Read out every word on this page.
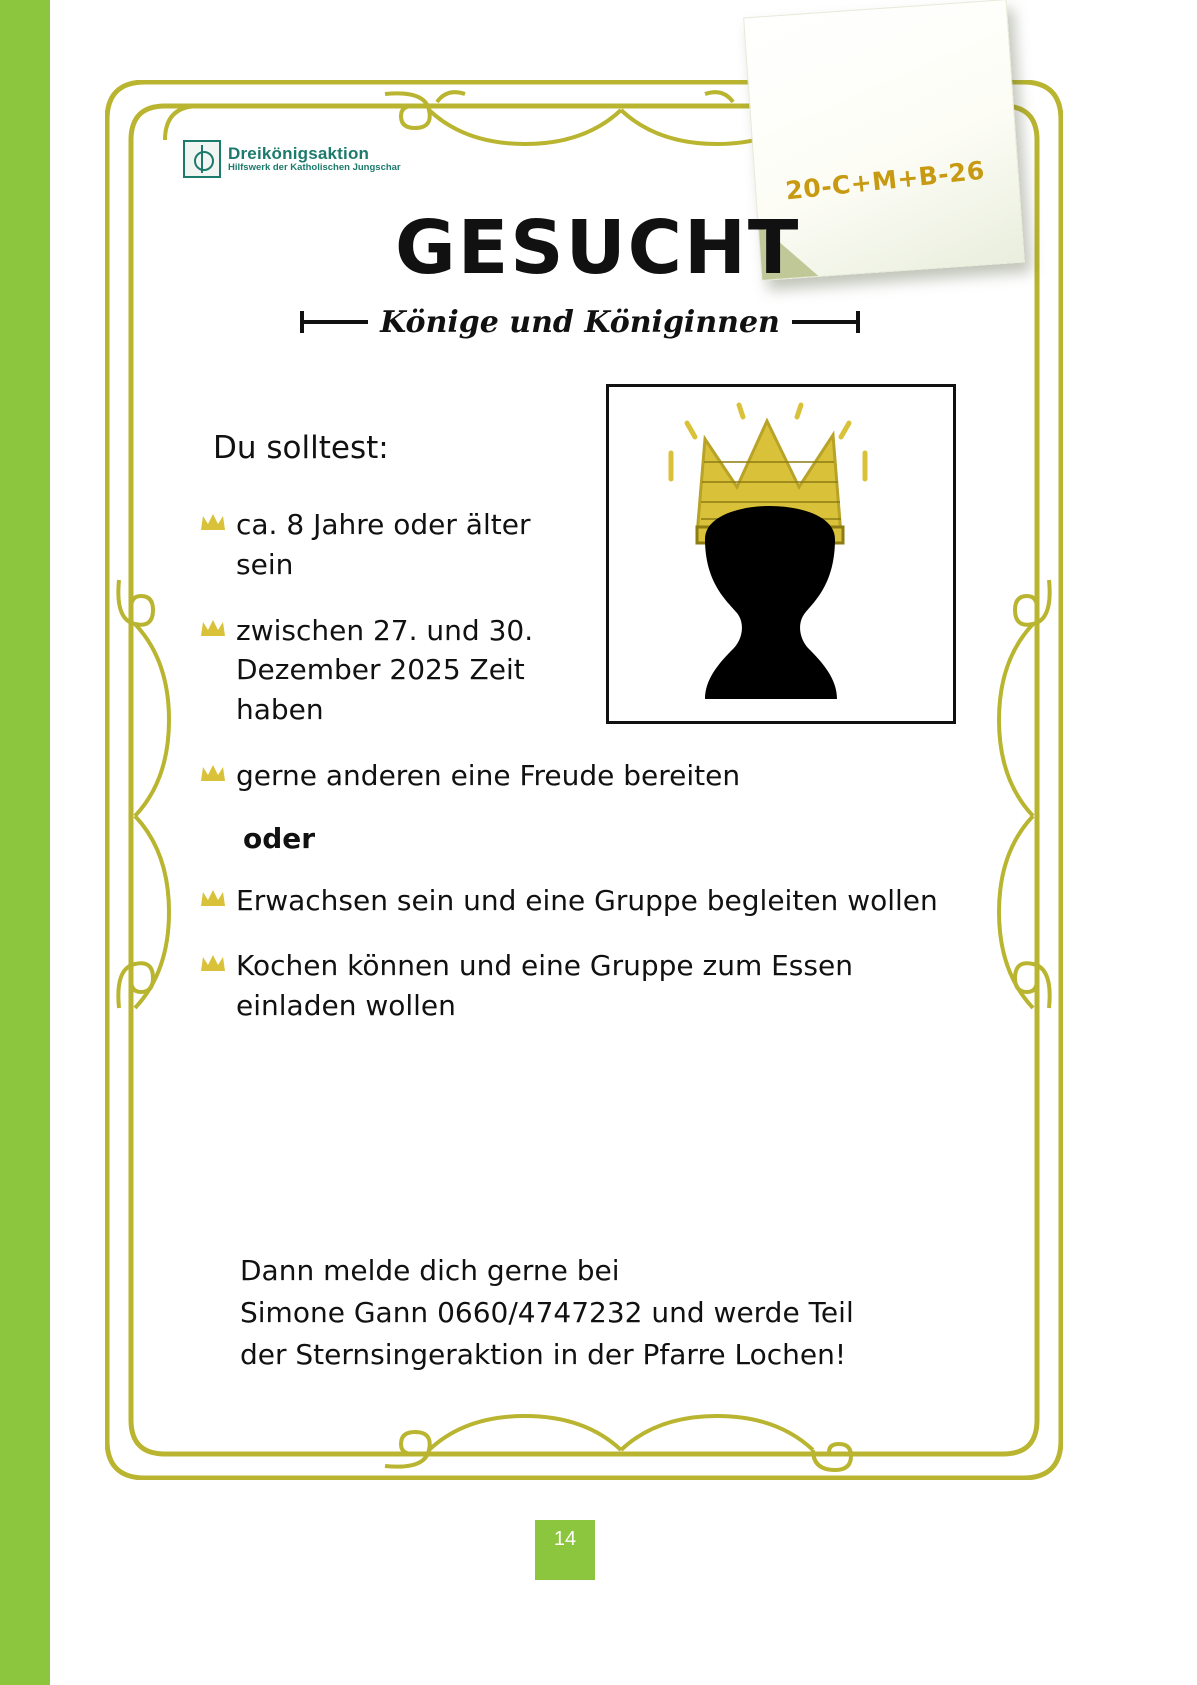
20-C+M+B-26
Dreikönigsaktion
Hilfswerk der Katholischen Jungschar
GESUCHT
Könige und Königinnen
Du solltest:
ca. 8 Jahre oder älter sein
zwischen 27. und 30. Dezember 2025 Zeit haben
gerne anderen eine Freude bereiten
oder
Erwachsen sein und eine Gruppe begleiten wollen
Kochen können und eine Gruppe zum Essen einladen wollen
Dann melde dich gerne bei
Simone Gann 0660/4747232 und werde Teil
der Sternsingeraktion in der Pfarre Lochen!
14
